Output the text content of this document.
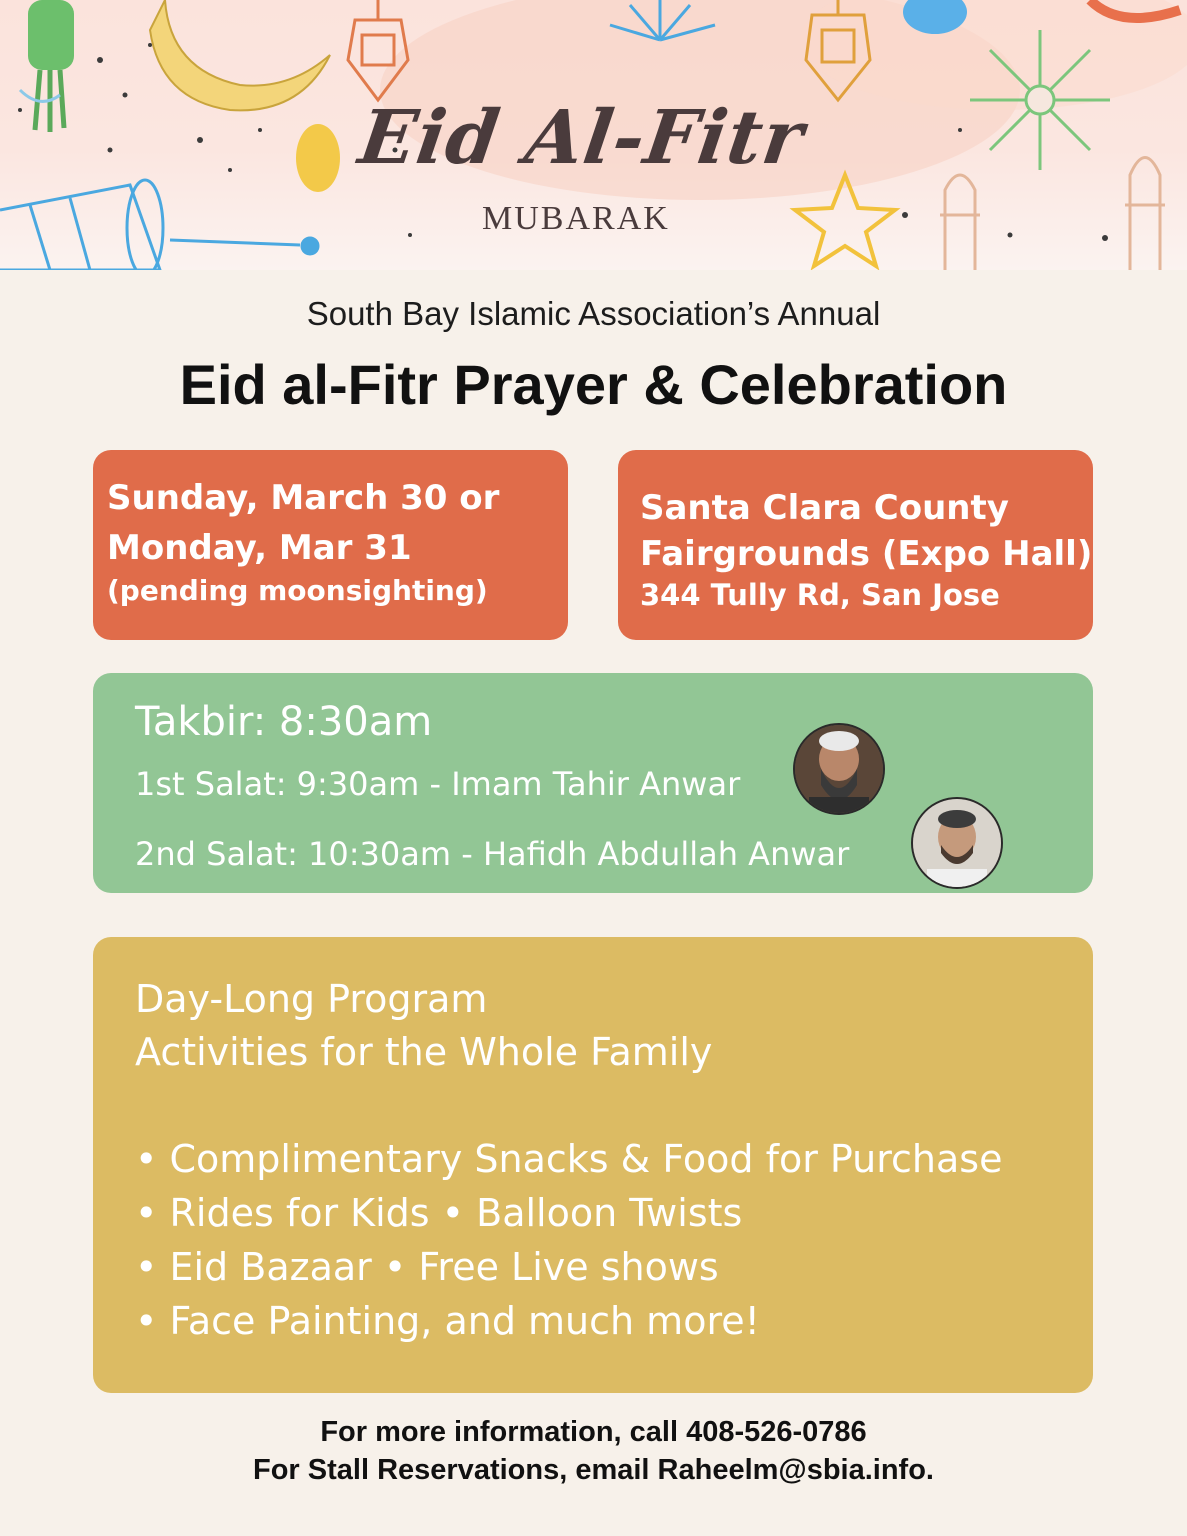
Eid Al-Fitr

MUBARAK

South Bay Islamic Association’s Annual

Eid al-Fitr Prayer & Celebration

Sunday, March 30 or

Monday, Mar 31

(pending moonsighting)

Santa Clara County

Fairgrounds (Expo Hall)

344 Tully Rd, San Jose

Takbir: 8:30am

1st Salat: 9:30am - Imam Tahir Anwar

2nd Salat: 10:30am - Hafidh Abdullah Anwar

Day-Long Program

Activities for the Whole Family

• Complimentary Snacks & Food for Purchase

• Rides for Kids • Balloon Twists

• Eid Bazaar • Free Live shows

• Face Painting, and much more!

For more information, call 408-526-0786

For Stall Reservations, email Raheelm@sbia.info.
